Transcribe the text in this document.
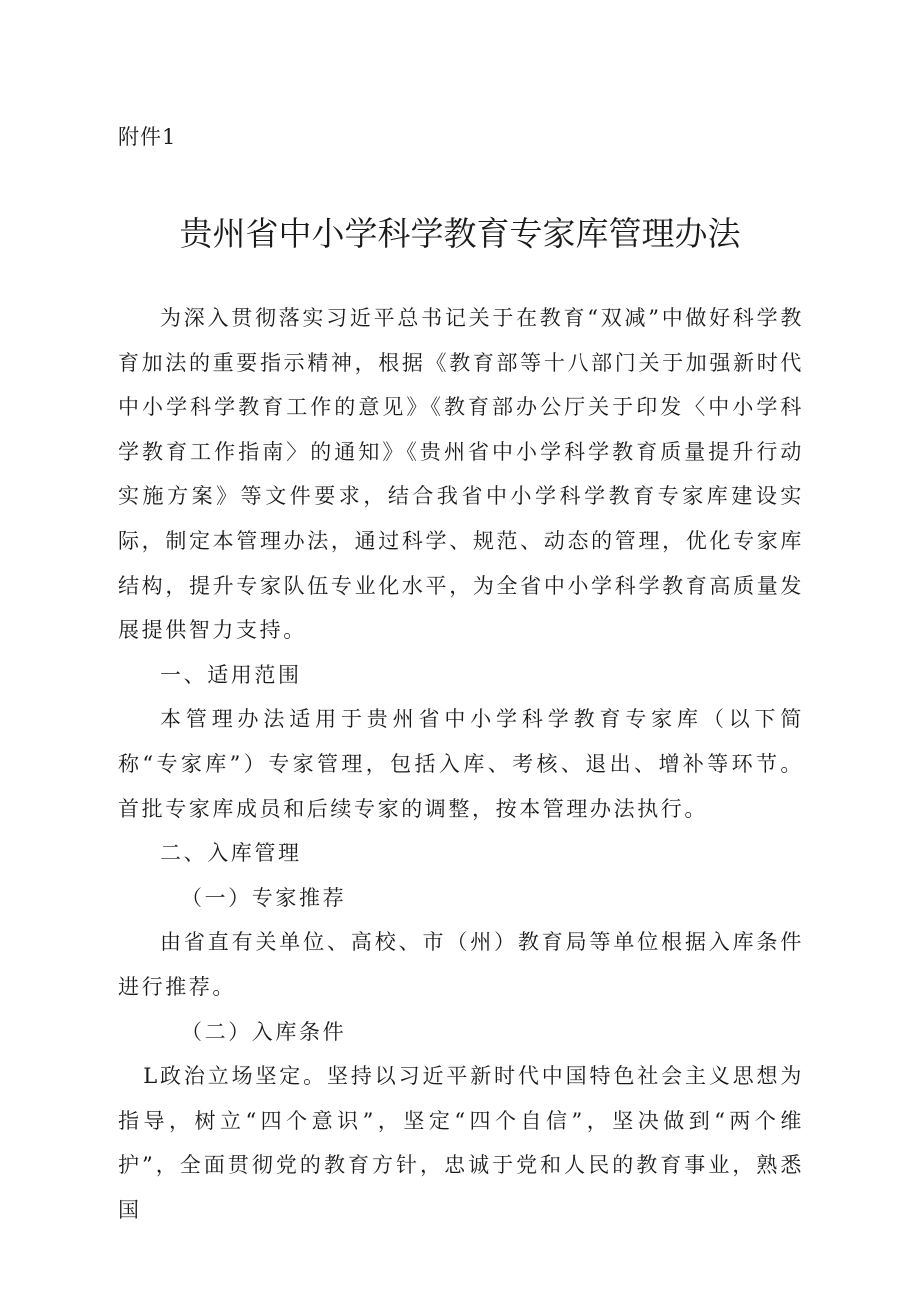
附件1
贵州省中小学科学教育专家库管理办法

为深入贯彻落实习近平总书记关于在教育“双减”中做好科学教育加法的重要指示精神，根据《教育部等十八部门关于加强新时代中小学科学教育工作的意见》《教育部办公厅关于印发〈中小学科学教育工作指南〉的通知》《贵州省中小学科学教育质量提升行动实施方案》等文件要求，结合我省中小学科学教育专家库建设实际，制定本管理办法，通过科学、规范、动态的管理，优化专家库结构，提升专家队伍专业化水平，为全省中小学科学教育高质量发展提供智力支持。

一、适用范围

本管理办法适用于贵州省中小学科学教育专家库（以下简称“专家库”）专家管理，包括入库、考核、退出、增补等环节。首批专家库成员和后续专家的调整，按本管理办法执行。

二、入库管理

（一）专家推荐

由省直有关单位、高校、市（州）教育局等单位根据入库条件进行推荐。

（二）入库条件

L政治立场坚定。坚持以习近平新时代中国特色社会主义思想为指导，树立“四个意识”，坚定“四个自信”，坚决做到“两个维护”，全面贯彻党的教育方针，忠诚于党和人民的教育事业，熟悉国
